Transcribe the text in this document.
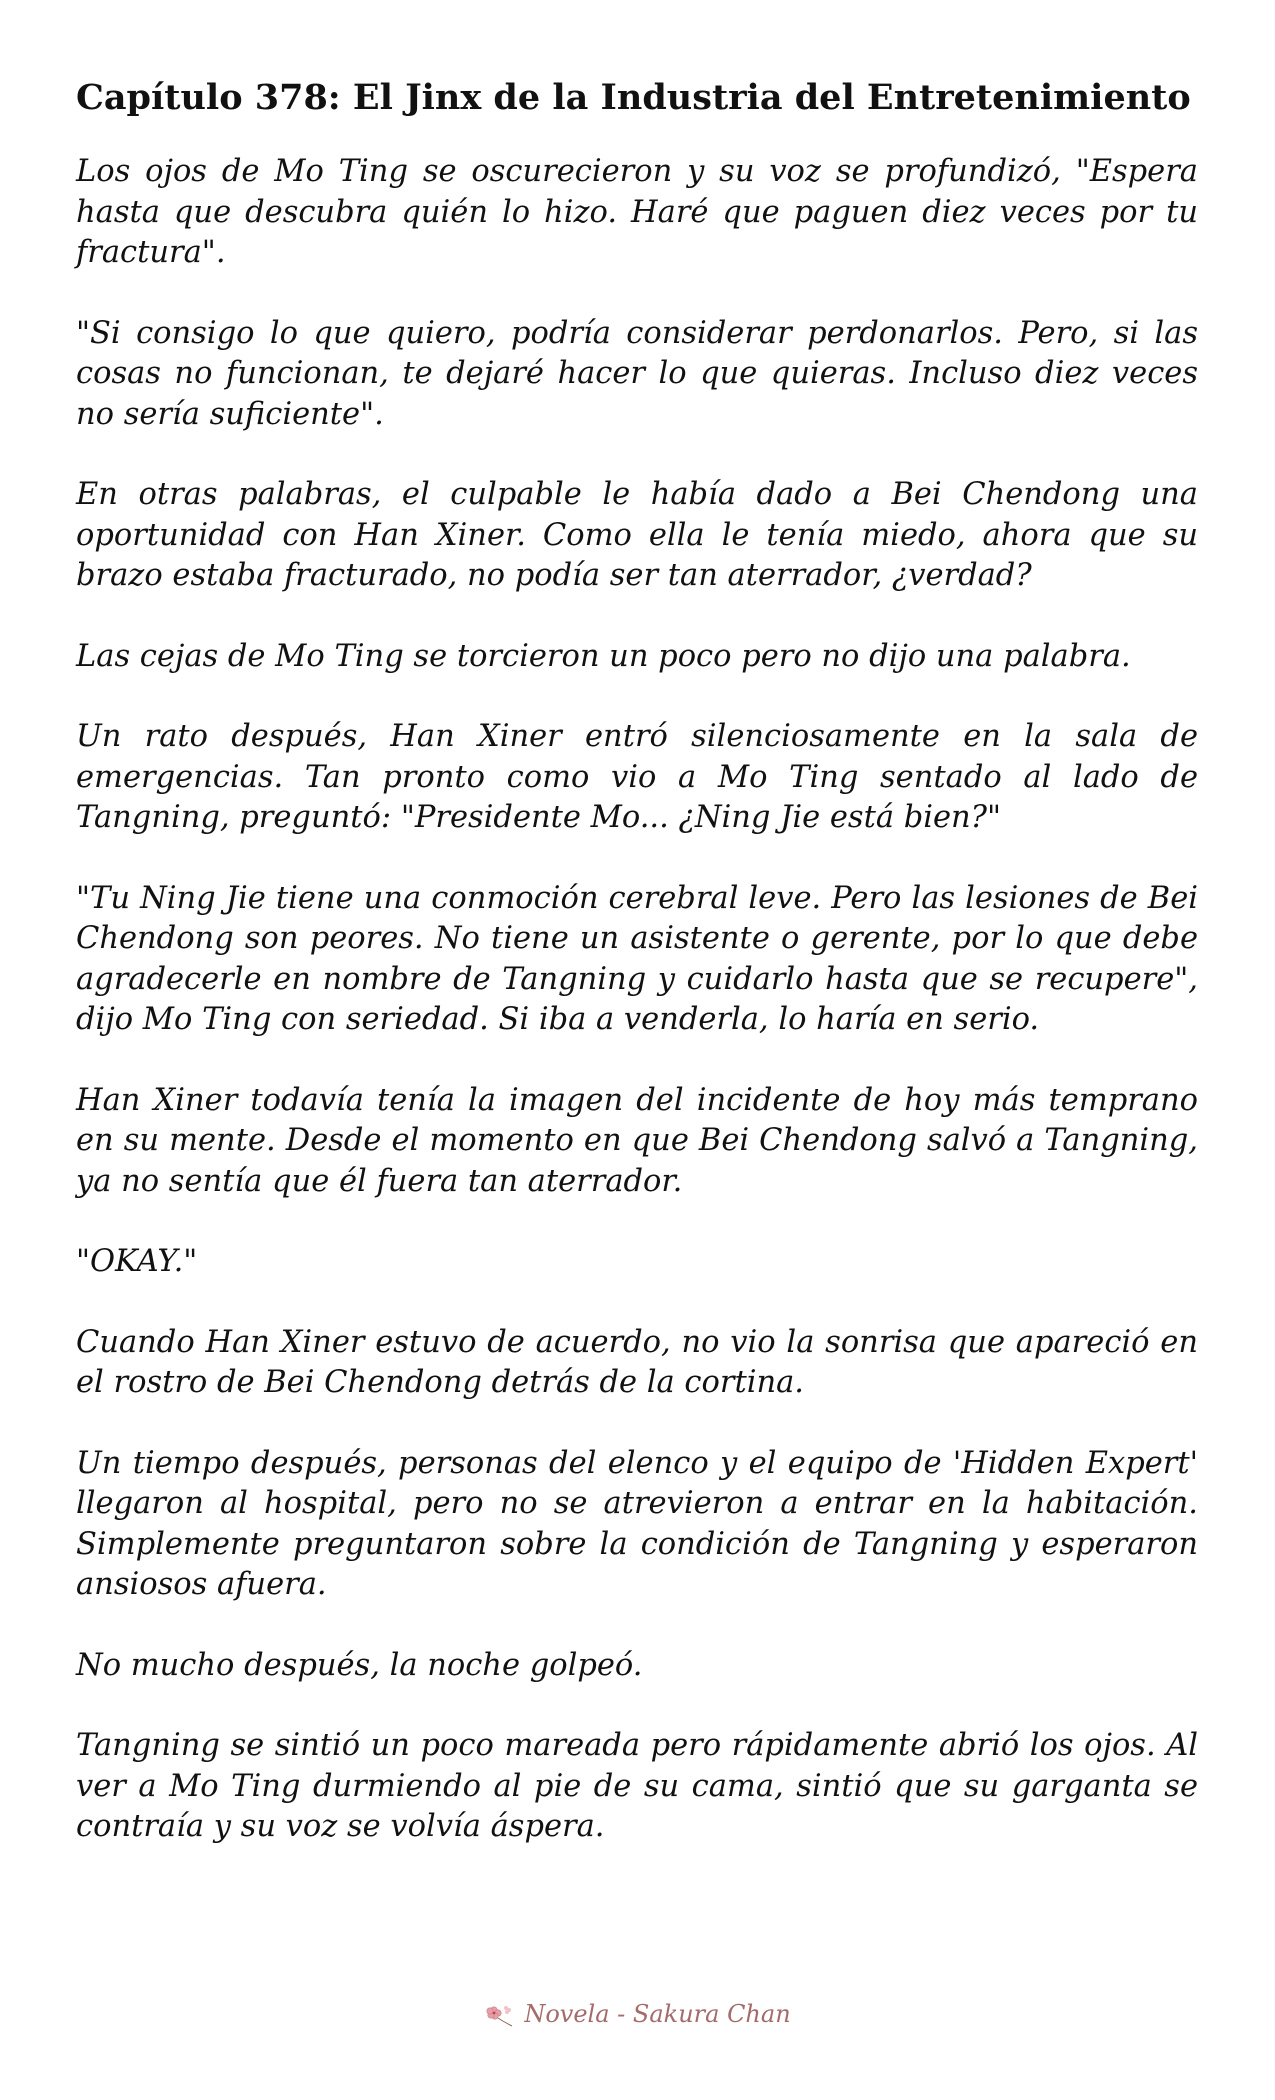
Capítulo 378: El Jinx de la Industria del Entretenimiento

Los ojos de Mo Ting se oscurecieron y su voz se profundizó, "Espera hasta que descubra quién lo hizo. Haré que paguen diez veces por tu fractura".

"Si consigo lo que quiero, podría considerar perdonarlos. Pero, si las cosas no funcionan, te dejaré hacer lo que quieras. Incluso diez veces no sería suficiente".

En otras palabras, el culpable le había dado a Bei Chendong una oportunidad con Han Xiner. Como ella le tenía miedo, ahora que su brazo estaba fracturado, no podía ser tan aterrador, ¿verdad?

Las cejas de Mo Ting se torcieron un poco pero no dijo una palabra.

Un rato después, Han Xiner entró silenciosamente en la sala de emergencias. Tan pronto como vio a Mo Ting sentado al lado de Tangning, preguntó: "Presidente Mo... ¿Ning Jie está bien?"

"Tu Ning Jie tiene una conmoción cerebral leve. Pero las lesiones de Bei Chendong son peores. No tiene un asistente o gerente, por lo que debe agradecerle en nombre de Tangning y cuidarlo hasta que se recupere", dijo Mo Ting con seriedad. Si iba a venderla, lo haría en serio.

Han Xiner todavía tenía la imagen del incidente de hoy más temprano en su mente. Desde el momento en que Bei Chendong salvó a Tangning, ya no sentía que él fuera tan aterrador.

"OKAY."

Cuando Han Xiner estuvo de acuerdo, no vio la sonrisa que apareció en el rostro de Bei Chendong detrás de la cortina.

Un tiempo después, personas del elenco y el equipo de 'Hidden Expert' llegaron al hospital, pero no se atrevieron a entrar en la habitación. Simplemente preguntaron sobre la condición de Tangning y esperaron ansiosos afuera.

No mucho después, la noche golpeó.

Tangning se sintió un poco mareada pero rápidamente abrió los ojos. Al ver a Mo Ting durmiendo al pie de su cama, sintió que su garganta se contraía y su voz se volvía áspera.

Novela - Sakura Chan
